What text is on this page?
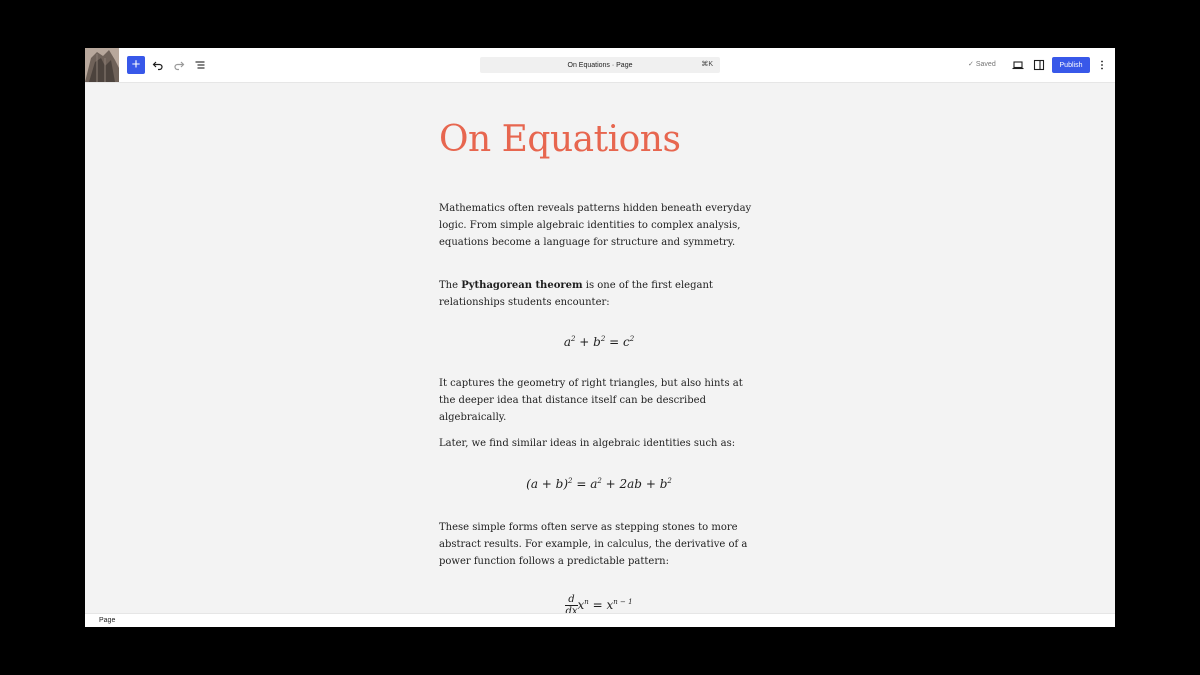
+	On Equations · Page	⌘K	✓ Saved	Publish
On Equations

Mathematics often reveals patterns hidden beneath everyday logic. From simple algebraic identities to complex analysis, equations become a language for structure and symmetry.

The Pythagorean theorem is one of the first elegant relationships students encounter:

$a^2 + b^2 = c^2$

It captures the geometry of right triangles, but also hints at the deeper idea that distance itself can be described algebraically.

Later, we find similar ideas in algebraic identities such as:

$(a + b)^2 = a^2 + 2ab + b^2$

These simple forms often serve as stepping stones to more abstract results. For example, in calculus, the derivative of a power function follows a predictable pattern:

$\frac{d}{dx} x^n = x^{n - 1}$
Page
